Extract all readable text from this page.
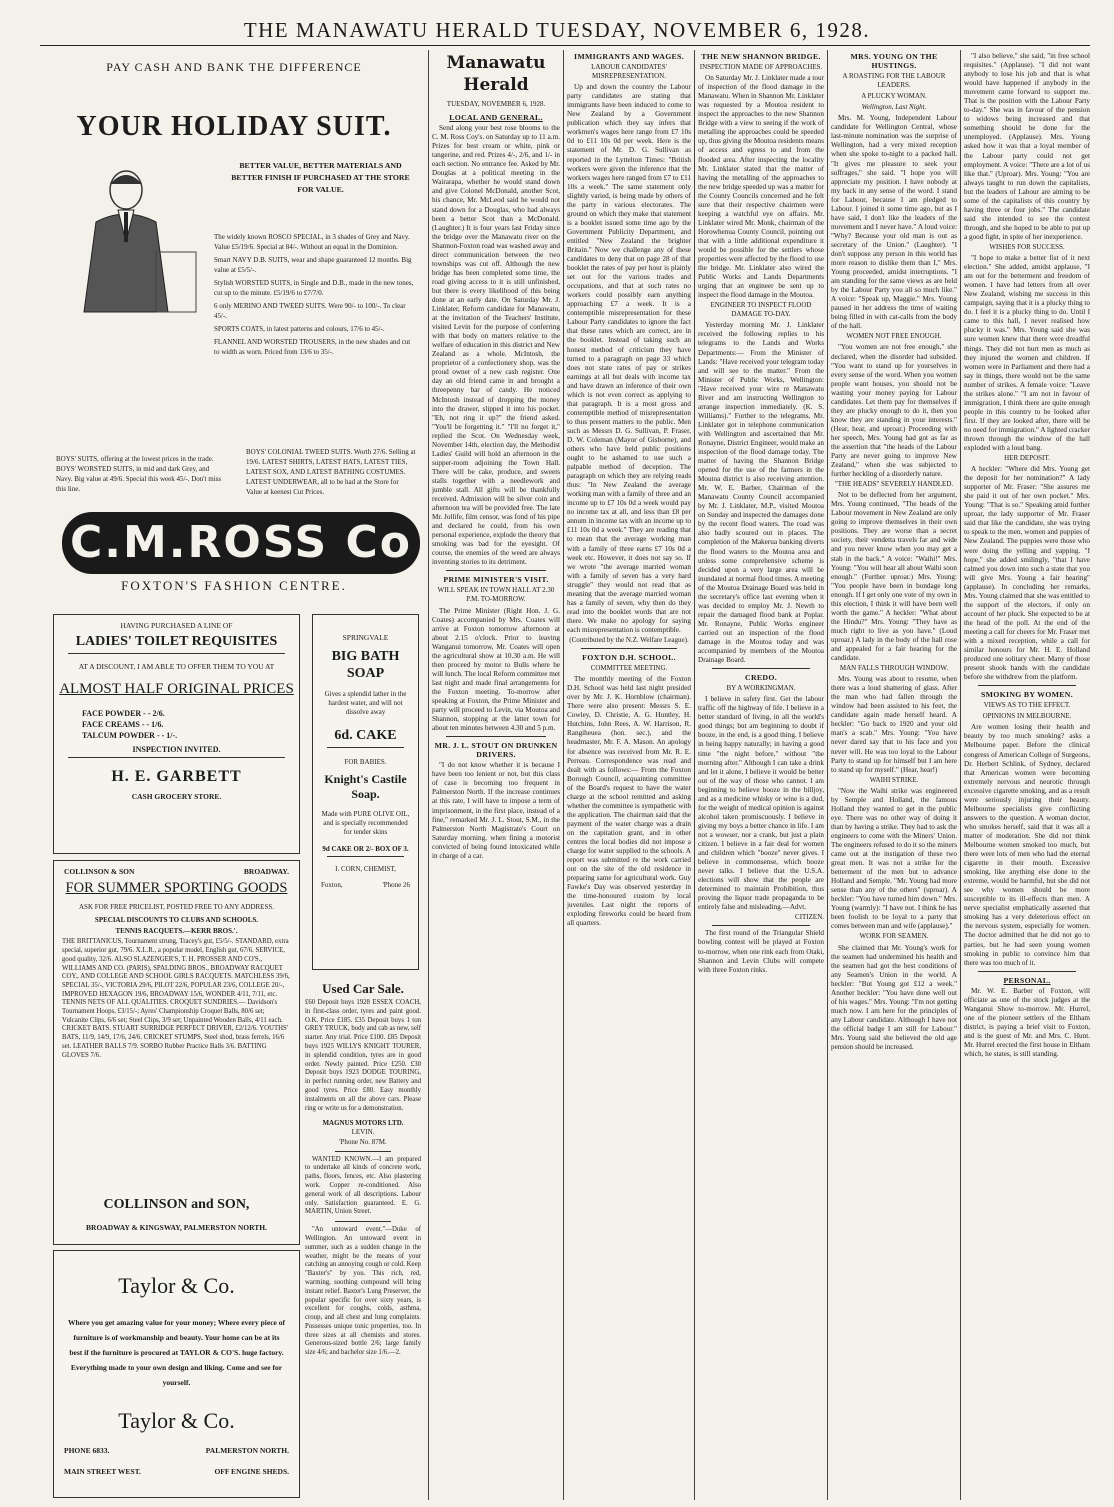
THE MANAWATU HERALD TUESDAY, NOVEMBER 6, 1928.
PAY CASH AND BANK THE DIFFERENCE
YOUR HOLIDAY SUIT.
BETTER VALUE, BETTER MATERIALS AND BETTER FINISH IF PURCHASED AT THE STORE FOR VALUE.

The widely known ROSCO SPECIAL, in 3 shades of Grey and Navy. Value £5/19/6. Special at 84/-. Without an equal in the Dominion.

Smart NAVY D.B. SUITS, wear and shape guaranteed 12 months. Big value at £5/5/-.

Stylish WORSTED SUITS, in Single and D.B., made in the new tones, cut up to the minute. £5/19/6 to £7/7/0.

6 only MERINO AND TWEED SUITS. Were 90/- to 100/-. To clear 45/-.

SPORTS COATS, in latest patterns and colours, 17/6 to 45/-.

FLANNEL AND WORSTED TROUSERS, in the new shades and cut to width as worn. Priced from 13/6 to 35/-.

BOYS' SUITS, offering at the lowest prices in the trade. BOYS' WORSTED SUITS, in mid and dark Grey, and Navy. Big value at 49/6. Special this week 45/-. Don't miss this line.
BOYS' COLONIAL TWEED SUITS. Worth 27/6. Selling at 19/6. LATEST SHIRTS, LATEST HATS, LATEST TIES, LATEST SOX, AND LATEST BATHING COSTUMES. LATEST UNDERWEAR, all to be had at the Store for Value at keenest Cut Prices.
C.M.ROSS Co
FOXTON'S FASHION CENTRE.
HAVING PURCHASED A LINE OF
LADIES' TOILET REQUISITES
AT A DISCOUNT, I AM ABLE TO OFFER THEM TO YOU AT
ALMOST HALF ORIGINAL PRICES
FACE POWDER - - 2/6.
FACE CREAMS - - 1/6.
TALCUM POWDER - - 1/-.
INSPECTION INVITED.
H. E. GARBETT
CASH GROCERY STORE.
SPRINGVALE
BIG BATH SOAP
Gives a splendid lather in the hardest water, and will not dissolve away
6d. CAKE
FOR BABIES.
Knight's Castile Soap.
Made with PURE OLIVE OIL, and is specially recommended for tender skins
9d CAKE OR 2/- BOX OF 3.
I. CORN, CHEMIST,
Foxton,	'Phone 26
COLLINSON & SON	BROADWAY.
FOR SUMMER SPORTING GOODS
ASK FOR FREE PRICELIST, POSTED FREE TO ANY ADDRESS.
SPECIAL DISCOUNTS TO CLUBS AND SCHOOLS.
TENNIS RACQUETS.—KERR BROS.'.
THE BRITTANICUS, Tournament strung, Tracey's gut, £5/5/-. STANDARD, extra special, superior gut, 79/6. X.L.R., a popular model, English gut, 67/6. SERVICE, good quality, 32/6. ALSO SLAZENGER'S, T. H. PROSSER AND CO'S., WILLIAMS AND CO. (PARIS), SPALDING BROS., BROADWAY RACQUET COY., AND COLLEGE AND SCHOOL GIRLS RACQUETS. MATCHLESS 39/6, SPECIAL 35/-, VICTORIA 29/6, PILOT 22/6, POPULAR 23/6, COLLEGE 20/-, IMPROVED HEXAGON 19/6, BROADWAY 15/6, WONDER 4/11, 7/11, etc. TENNIS NETS OF ALL QUALITIES. CROQUET SUNDRIES.— Davidson's Tournament Hoops, £3/15/-; Ayres' Championship Croquet Balls, 80/6 set; Vulcanite Clips, 6/6 set; Steel Clips, 3/9 set; Unpainted Wooden Balls, 4/11 each. CRICKET BATS. STUART SURRIDGE PERFECT DRIVER, £2/12/6. YOUTHS' BATS, 11/9, 14/9, 17/6, 24/6. CRICKET STUMPS, Steel shod, brass ferrels, 16/6 set. LEATHER BALLS 7/9. SORBO Rubber Practice Balls 3/6. BATTING GLOVES 7/6.
COLLINSON and SON,
BROADWAY & KINGSWAY, PALMERSTON NORTH.
Used Car Sale.
£60 Deposit buys 1928 ESSEX COACH, in first-class order, tyres and paint good. O.K. Price £185. £35 Deposit buys 1 ton GREY TRUCK, body and cab as new, self starter. Any trial. Price £100. £85 Deposit buys 1925 WILLYS KNIGHT TOURER, in splendid condition, tyres are in good order. Newly painted. Price £250. £30 Deposit buys 1923 DODGE TOURING, in perfect running order, new Battery and good tyres. Price £80. Easy monthly instalments on all the above cars. Please ring or write us for a demonstration.
MAGNUS MOTORS LTD.
LEVIN.
'Phone No. 87M.

WANTED KNOWN.—I am prepared to undertake all kinds of concrete work, paths, floors, fences, etc. Also plastering work. Copper re-conditioned. Also general work of all descriptions. Labour only. Satisfaction guaranteed. E. G. MARTIN, Union Street.

"An untoward event."—Duke of Wellington. An untoward event in summer, such as a sudden change in the weather, might be the means of your catching an annoying cough or cold. Keep "Baxter's" by you. This rich, red, warming, soothing compound will bring instant relief. Baxter's Lung Preserver, the popular specific for over sixty years, is excellent for coughs, colds, asthma, croup, and all chest and lung complaints. Possesses unique tonic properties, too. In three sizes at all chemists and stores. Generous-sized bottle 2/6; large family size 4/6; and bachelor size 1/6.—2.

Taylor & Co.
Where you get amazing value for your money; Where every piece of furniture is of workmanship and beauty. Your home can be at its best if the furniture is procured at TAYLOR & CO'S. huge factory. Everything made to your own design and liking. Come and see for yourself.
Taylor & Co.
PHONE 6833.	PALMERSTON NORTH.
MAIN STREET WEST.	OFF ENGINE SHEDS.
Manawatu Herald
TUESDAY, NOVEMBER 6, 1928.
LOCAL AND GENERAL.

Send along your best rose blooms to the C. M. Ross Coy's. on Saturday up to 11 a.m. Prizes for best cream or white, pink or tangerine, and red. Prizes 4/-, 2/6, and 1/- in each section. No entrance fee. Asked by Mr. Douglas at a political meeting in the Wairarapa, whether he would stand down and give Colonel McDonald, another Scot, his chance, Mr. McLeod said he would not stand down for a Douglas, who had always been a better Scot than a McDonald. (Laughter.) It is four years last Friday since the bridge over the Manawatu river on the Shannon-Foxton road was washed away and direct communication between the two townships was cut off. Although the new bridge has been completed some time, the road giving access to it is still unfinished, but there is every likelihood of this being done at an early date. On Saturday Mr. J. Linklater, Reform candidate for Manawatu, at the invitation of the Teachers' Institute, visited Levin for the purpose of conferring with that body on matters relative to the welfare of education in this district and New Zealand as a whole. McIntosh, the proprietor of a confectionery shop, was the proud owner of a new cash register. One day an old friend came in and brought a threepenny bar of candy. He noticed McIntosh instead of dropping the money into the drawer, slipped it into his pocket. "Eh, not ring it up?" the friend asked. "You'll be forgetting it." "I'll no forget it," replied the Scot. On Wednesday week, November 14th, election day, the Methodist Ladies' Guild will hold an afternoon in the supper-room adjoining the Town Hall. There will be cake, produce, and sweets stalls together with a needlework and jumble stall. All gifts will be thankfully received. Admission will be silver coin and afternoon tea will be provided free. The late Mr. Jollife, film censor, was fond of his pipe and declared he could, from his own personal experience, explode the theory that smoking was bad for the eyesight. Of course, the enemies of the weed are always inventing stories to its detriment.

PRIME MINISTER'S VISIT.
WILL SPEAK IN TOWN HALL AT 2.30 P.M. TO-MORROW.

The Prime Minister (Right Hon. J. G. Coates) accompanied by Mrs. Coates will arrive at Foxton tomorrow afternoon at about 2.15 o'clock. Prior to leaving Wanganui tomorrow, Mr. Coates will open the agricultural show at 10.30 a.m. He will then proceed by motor to Bulls where he will lunch. The local Reform committee met last night and made final arrangements for the Foxton meeting. To-morrow after speaking at Foxton, the Prime Minister and party will proceed to Levin, via Moutoa and Shannon, stopping at the latter town for about ten minutes between 4.30 and 5 p.m.

MR. J. L. STOUT ON DRUNKEN DRIVERS.

"I do not know whether it is because I have been too lenient or not, but this class of case is becoming too frequent in Palmerston North. If the increase continues at this rate, I will have to impose a term of imprisonment, in the first place, instead of a fine," remarked Mr. J. L. Stout, S.M., in the Palmerston North Magistrate's Court on Saturday morning, when fining a motorist convicted of being found intoxicated while in charge of a car.

IMMIGRANTS AND WAGES.
LABOUR CANDIDATES' MISREPRESENTATION.

Up and down the country the Labour party candidates are stating that immigrants have been induced to come to New Zealand by a Government publication which they say infers that workmen's wages here range from £7 10s 0d to £11 10s 0d per week. Here is the statement of Mr. D. G. Sullivan as reported in the Lyttelton Times: "British workers were given the inference that the workers wages here ranged from £7 to £11 10s a week." The same statement only slightly varied, is being made by others of the party in various electorates. The ground on which they make that statement is a booklet issued some time ago by the Government Publicity Department, and entitled "New Zealand the brighter Britain." Now we challenge any of these candidates to deny that on page 28 of that booklet the rates of pay per hour is plainly set out for the various trades and occupations, and that at such rates no workers could possibly earn anything approaching £7 a week. It is a contemptible misrepresentation for these Labour Party candidates to ignore the fact that these rates which are correct, are in the booklet. Instead of taking such an honest method of criticism they have turned to a paragraph on page 33 which does not state rates of pay or strikes earnings at all but deals with income tax and have drawn an inference of their own which is not even correct as applying to that paragraph. It is a most gross and contemptible method of misrepresentation to thus present matters to the public. Men such as Messrs D. G. Sullivan, P. Fraser, D. W. Coleman (Mayor of Gisborne), and others who have held public positions ought to be ashamed to use such a palpable method of deception. The paragraph on which they are relying reads thus: "In New Zealand the average working man with a family of three and an income up to £7 10s 0d a week would pay no income tax at all, and less than £8 per annum in income tax with an income up to £11 10s 0d a week." They are reading that to mean that the average working man with a family of three earns £7 10s 0d a week etc. However, it does not say so. If we wrote "the average married woman with a family of seven has a very hard struggle" they would not read that as meaning that the average married woman has a family of seven, why then do they read into the booklet words that are not there. We make no apology for saying each misrepresentation is contemptible.

(Contributed by the N.Z. Welfare League).
FOXTON D.H. SCHOOL.
COMMITTEE MEETING.

The monthly meeting of the Foxton D.H. School was held last night presided over by Mr. J. K. Hornblow (chairman). There were also present: Messrs S. E. Cowley, D. Christie, A. G. Huntley, H. Hutchins, John Rees, A. W. Harrison, R. Rangiheuea (hon. sec.), and the headmaster, Mr. F. A. Mason. An apology for absence was received from Mr. R. E. Perreau. Correspondence was read and dealt with as follows:— From the Foxton Borough Council, acquainting committee of the Board's request to have the water charge at the school remitted and asking whether the committee is sympathetic with the application. The chairman said that the payment of the water charge was a drain on the capitation grant, and in other centres the local bodies did not impose a charge for water supplied to the schools. A report was submitted re the work carried out on the site of the old residence in preparing same for agricultural work. Guy Fawke's Day was observed yesterday in the time-honoured custom by local juveniles. Last night the reports of exploding fireworks could be heard from all quarters.

THE NEW SHANNON BRIDGE.
INSPECTION MADE OF APPROACHES.

On Saturday Mr. J. Linklater made a tour of inspection of the flood damage in the Manawatu. When in Shannon Mr. Linklater was requested by a Moutoa resident to inspect the approaches to the new Shannon Bridge with a view to seeing if the work of metalling the approaches could be speeded up, thus giving the Moutoa residents means of access and egress to and from the flooded area. After inspecting the locality Mr. Linklater stated that the matter of having the metalling of the approaches to the new bridge speeded up was a matter for the County Councils concerned and he felt sure that their respective chairmen were keeping a watchful eye on affairs. Mr. Linklater wired Mr. Monk, chairman of the Horowhenua County Council, pointing out that with a little additional expenditure it would be possible for the settlers whose properties were affected by the flood to use the bridge. Mr. Linklater also wired the Public Works and Lands Departments urging that an engineer be sent up to inspect the flood damage in the Moutoa.

ENGINEER TO INSPECT FLOOD DAMAGE TO-DAY.

Yesterday morning Mr. J. Linklater received the following replies to his telegrams to the Lands and Works Departments:— From the Minister of Lands: "Have received your telegram today and will see to the matter." From the Minister of Public Works, Wellington: "Have received your wire re Manawatu River and am instructing Wellington to arrange inspection immediately. (K. S. Williams)." Further to the telegrams, Mr. Linklater got in telephone communication with Wellington and ascertained that Mr. Ronayne, District Engineer, would make an inspection of the flood damage today. The matter of having the Shannon Bridge opened for the use of the farmers in the Moutoa district is also receiving attention. Mr. W. E. Barber, Chairman of the Manawatu County Council accompanied by Mr. J. Linklater, M.P., visited Moutoa on Sunday and inspected the damages done by the recent flood waters. The road was also badly scoured out in places. The completion of the Makerua banking diverts the flood waters to the Moutoa area and unless some comprehensive scheme is decided upon a very large area will be inundated at normal flood times. A meeting of the Moutoa Drainage Board was held in the secretary's office last evening when it was decided to employ Mr. J. Newth to repair the damaged flood bank at Poplar. Mr. Ronayne, Public Works engineer carried out an inspection of the flood damage in the Moutoa today and was accompanied by members of the Moutoa Drainage Board.

CREDO.
BY A WORKINGMAN.

I believe in safety first. Get the labour traffic off the highway of life. I believe in a better standard of living, in all the world's good things; but am beginning to doubt if booze, in the end, is a good thing. I believe in being happy naturally; in having a good time "the night before," without "the morning after." Although I can take a drink and let it alone, I believe it would be better out of the way of those who cannot. I am beginning to believe booze in the billjoy, and as a medicine whisky or wine is a dud, for the weight of medical opinion is against alcohol taken promiscuously. I believe in giving my boys a better chance in life. I am not a wowser, nor a crank, but just a plain citizen. I believe in a fair deal for women and children which "booze" never gives. I believe in commonsense, which booze never talks. I believe that the U.S.A. elections will show that the people are determined to maintain Prohibition, thus proving the liquor trade propaganda to be entirely false and misleading.—Advt.

CITIZEN.

The first round of the Triangular Shield bowling contest will be played at Foxton to-morrow, when one rink each from Otaki, Shannon and Levin Clubs will compete with three Foxton rinks.

MRS. YOUNG ON THE HUSTINGS.
A ROASTING FOR THE LABOUR LEADERS.
A PLUCKY WOMAN.
Wellington, Last Night.

Mrs. M. Young, Independent Labour candidate for Wellington Central, whose last-minute nomination was the surprise of Wellington, had a very mixed reception when she spoke to-night to a packed hall. "It gives me pleasure to seek your suffrages," she said. "I hope you will appreciate my position. I have nobody at my back in any sense of the word. I stand for Labour, because I am pledged to Labour. I joined it some time ago, but as I have said, I don't like the leaders of the movement and I never have." A loud voice: "Why? Because your old man is out as secretary of the Union." (Laughter). "I don't suppose any person in this world has more reason to dislike them than I," Mrs. Young proceeded, amidst interruptions. "I am standing for the same views as are held by the Labour Party you all so much like." A voice: "Speak up, Maggie." Mrs. Young paused in her address the time of waiting being filled in with cat-calls from the body of the hall.

WOMEN NOT FREE ENOUGH.

"You women are not free enough," she declared, when the disorder had subsided. "You want to stand up for yourselves in every sense of the word. When you women people want houses, you should not be wasting your money paying for Labour candidates. Let them pay for themselves if they are plucky enough to do it, then you know they are standing in your interests." (Hear, hear, and uproar.) Proceeding with her speech, Mrs. Young had got as far as the assertion that "the heads of the Labour Party are never going to improve New Zealand," when she was subjected to further heckling of a disorderly nature.

"THE HEADS" SEVERELY HANDLED.

Not to be deflected from her argument, Mrs. Young continued, "The heads of the Labour movement in New Zealand are only going to improve themselves in their own positions. They are worse than a secret society, their vendetta travels far and wide and you never know when you may get a stab in the back." A voice: "Waihi!" Mrs. Young: "You will hear all about Waihi soon enough." (Further uproar.) Mrs. Young: "You people have been in bondage long enough. If I get only one vote of my own in this election, I think it will have been well worth the game." A heckler: "What about the Hindu?" Mrs. Young: "They have as much right to live as you have." (Loud uproar.) A lady in the body of the hall rose and appealed for a fair hearing for the candidate.

MAN FALLS THROUGH WINDOW.

Mrs. Young was about to resume, when there was a loud shattering of glass. After the man who had fallen through the window had been assisted to his feet, the candidate again made herself heard. A heckler: "Go back to 1920 and your old man's a scab." Mrs. Young: "You have never dared say that to his face and you never will. He was too loyal to the Labour Party to stand up for himself but I am here to stand up for myself." (Hear, hear!)

WAIHI STRIKE.

"Now the Waihi strike was engineered by Semple and Holland, the famous Holland they wanted to get in the public eye. There was no other way of doing it than by having a strike. They had to ask the engineers to come with the Miners' Union. The engineers refused to do it so the miners came out at the instigation of these two great men. It was not a strike for the betterment of the men but to advance Holland and Semple. "Mr. Young had more sense than any of the others" (uproar). A heckler: "You have turned him down." Mrs. Young (warmly): "I have not. I think he has been foolish to be loyal to a party that comes between man and wife (applause)."

WORK FOR SEAMEN.

She claimed that Mr. Young's work for the seamen had undermined his health and the seamen had got the best conditions of any Seamen's Union in the world. A heckler: "But Young got £12 a week." Another heckler: "You have done well out of his wages." Mrs. Young: "I'm not getting much now. I am here for the principles of any Labour candidate. Although I have not the official badge I am still for Labour." Mrs. Young said she believed the old age pension should be increased.

"I also believe," she said, "in free school requisites." (Applause). "I did not want anybody to lose his job and that is what would have happened if anybody in the movement came forward to support me. That is the position with the Labour Party to-day." She was in favour of the pension to widows being increased and that something should be done for the unemployed. (Applause). Mrs. Young asked how it was that a loyal member of the Labour party could not get employment. A voice: "There are a lot of us like that." (Uproar). Mrs. Young: "You are always taught to run down the capitalists, but the leaders of Labour are aiming to be some of the capitalists of this country by having three or four jobs." The candidate said she intended to see the contest through, and she hoped to be able to put up a good fight, in spite of her inexperience.

WISHES FOR SUCCESS.

"I hope to make a better fist of it next election." She added, amidst applause, "I am out for the betterment and freedom of women. I have had letters from all over New Zealand, wishing me success in this campaign, saying that it is a plucky thing to do. I feel it is a plucky thing to do. Until I came to this hall, I never realised how plucky it was." Mrs. Young said she was sure women knew that there were dreadful things. They did not hurt men as much as they injured the women and children. If women were in Parliament and there had a say in things, there would not be the same number of strikes. A female voice: "Leave the strikes alone." "I am not in favour of immigration, I think there are quite enough people in this country to be looked after first. If they are looked after, there will be no need for immigration." A lighted cracker thrown through the window of the hall exploded with a loud bang.

HER DEPOSIT.

A heckler: "Where did Mrs. Young get the deposit for her nomination?" A lady supporter of Mr. Fraser: "She assures me she paid it out of her own pocket." Mrs. Young: "That is so." Speaking amid further uproar, the lady supporter of Mr. Fraser said that like the candidate, she was trying to speak to the men, women and puppies of New Zealand. The puppies were those who were doing the yelling and yapping. "I hope," she added smilingly, "that I have calmed you down into such a state that you will give Mrs. Young a fair hearing" (applause). In concluding her remarks, Mrs. Young claimed that she was entitled to the support of the electors, if only on account of her pluck. She expected to be at the head of the poll. At the end of the meeting a call for cheers for Mr. Fraser met with a mixed reception, while a call for similar honours for Mr. H. E. Holland produced one solitary cheer. Many of those present shook hands with the candidate before she withdrew from the platform.

SMOKING BY WOMEN.
VIEWS AS TO THE EFFECT.
OPINIONS IN MELBOURNE.

Are women losing their health and beauty by too much smoking? asks a Melbourne paper. Before the clinical congress of American College of Surgeons, Dr. Herbert Schlink, of Sydney, declared that American women were becoming extremely nervous and neurotic through excessive cigarette smoking, and as a result were seriously injuring their beauty. Melbourne specialists give conflicting answers to the question. A woman doctor, who smokes herself, said that it was all a matter of moderation. She did not think Melbourne women smoked too much, but there were lots of men who had the eternal cigarette in their mouth. Excessive smoking, like anything else done to the extreme, would be harmful, but she did not see why women should be more susceptible to its ill-effects than men. A nerve specialist emphatically asserted that smoking has a very deleterious effect on the nervous system, especially for women. The doctor admitted that he did not go to parties, but he had seen young women smoking in public to convince him that there was too much of it.

PERSONAL.

Mr. W. E. Barber of Foxton, will officiate as one of the stock judges at the Wanganui Show to-morrow. Mr. Hurrel, one of the pioneer settlers of the Eltham district, is paying a brief visit to Foxton, and is the guest of Mr. and Mrs. C. Hunt. Mr. Hurrel erected the first house in Eltham which, he states, is still standing.
